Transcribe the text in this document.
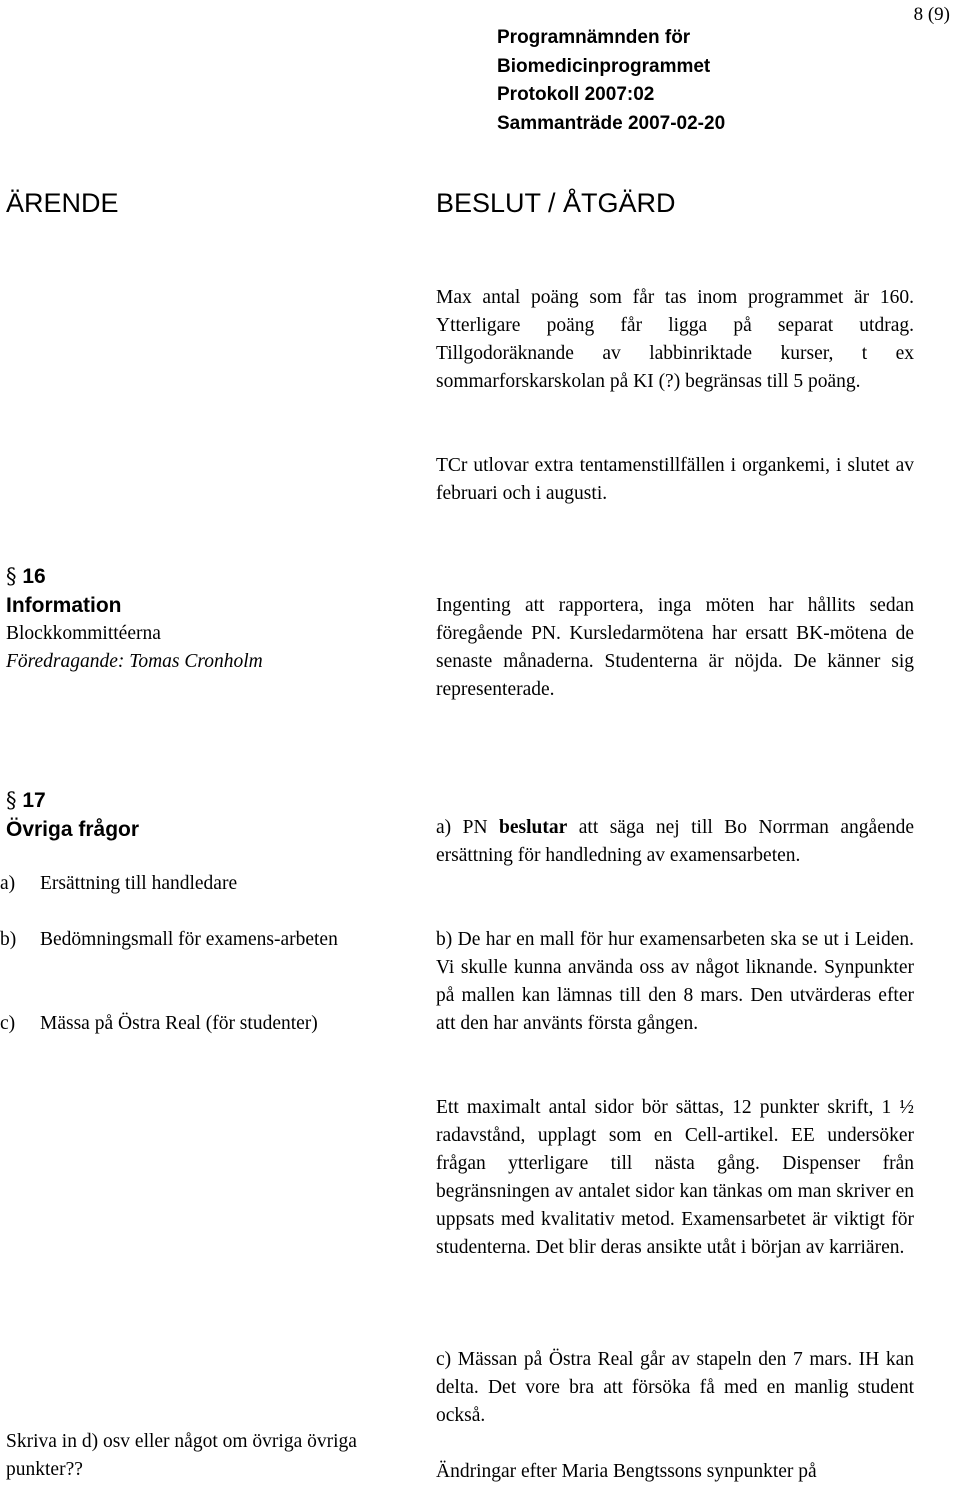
8 (9)
Programnämnden för
Biomedicinprogrammet
Protokoll 2007:02
Sammanträde 2007-02-20
ÄRENDE	BESLUT / ÅTGÄRD
Max antal poäng som får tas inom programmet är 160. Ytterligare poäng får ligga på separat utdrag. Tillgodoräknande av labbinriktade kurser, t ex sommarforskarskolan på KI (?) begränsas till 5 poäng.
TCr utlovar extra tentamenstillfällen i organkemi, i slutet av februari och i augusti.
§ 16
Information
Blockkommittéerna
Föredragande: Tomas Cronholm
Ingenting att rapportera, inga möten har hållits sedan föregående PN. Kursledarmötena har ersatt BK-mötena de senaste månaderna. Studenterna är nöjda. De känner sig representerade.
§ 17
Övriga frågor
a) Ersättning till handledare
b) Bedömningsmall för examens-arbeten
c) Mässa på Östra Real (för studenter)
Skriva in d) osv eller något om övriga övriga punkter??
a) PN beslutar att säga nej till Bo Norrman angående ersättning för handledning av examensarbeten.
b) De har en mall för hur examensarbeten ska se ut i Leiden. Vi skulle kunna använda oss av något liknande. Synpunkter på mallen kan lämnas till den 8 mars. Den utvärderas efter att den har använts första gången.
Ett maximalt antal sidor bör sättas, 12 punkter skrift, 1 ½ radavstånd, upplagt som en Cell-artikel. EE undersöker frågan ytterligare till nästa gång. Dispenser från begränsningen av antalet sidor kan tänkas om man skriver en uppsats med kvalitativ metod. Examensarbetet är viktigt för studenterna. Det blir deras ansikte utåt i början av karriären.
c) Mässan på Östra Real går av stapeln den 7 mars. IH kan delta. Det vore bra att försöka få med en manlig student också.
Ändringar efter Maria Bengtssons synpunkter på
